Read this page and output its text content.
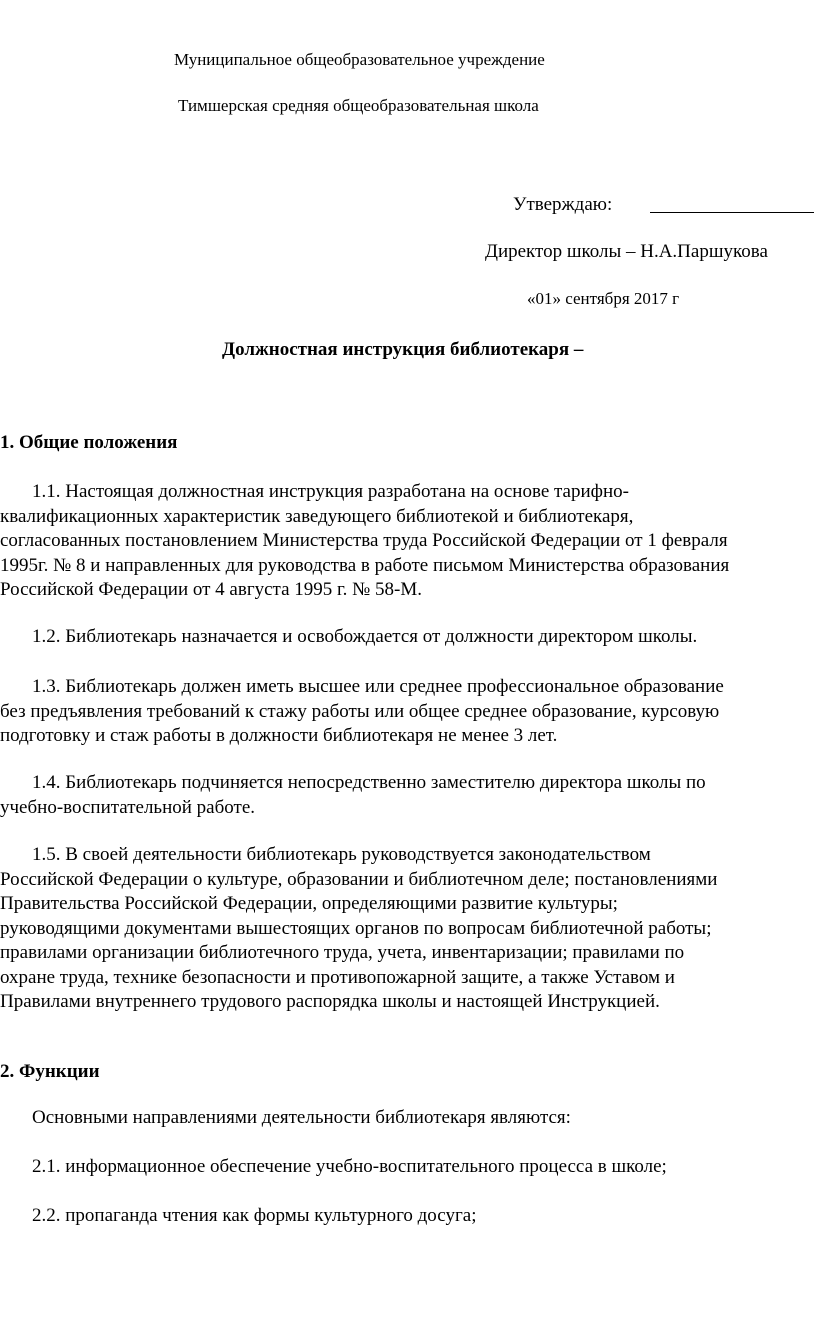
Муниципальное общеобразовательное учреждение
Тимшерская средняя общеобразовательная школа
Утверждаю:
Директор школы – Н.А.Паршукова
«01» сентября 2017 г
Должностная инструкция библиотекаря –
1. Общие положения
1.1. Настоящая должностная инструкция разработана на основе тарифно-
квалификационных характеристик заведующего библиотекой и библиотекаря,
согласованных постановлением Министерства труда Российской Федерации от 1 февраля
1995г. № 8 и направленных для руководства в работе письмом Министерства образования
Российской Федерации от 4 августа 1995 г. № 58-М.
1.2. Библиотекарь назначается и освобождается от должности директором школы.
1.3. Библиотекарь должен иметь высшее или среднее профессиональное образование
без предъявления требований к стажу работы или общее среднее образование, курсовую
подготовку и стаж работы в должности библиотекаря не менее 3 лет.
1.4. Библиотекарь подчиняется непосредственно заместителю директора школы по
учебно-воспитательной работе.
1.5. В своей деятельности библиотекарь руководствуется законодательством
Российской Федерации о культуре, образовании и библиотечном деле; постановлениями
Правительства Российской Федерации, определяющими развитие культуры;
руководящими документами вышестоящих органов по вопросам библиотечной работы;
правилами организации библиотечного труда, учета, инвентаризации; правилами по
охране труда, технике безопасности и противопожарной защите, а также Уставом и
Правилами внутреннего трудового распорядка школы и настоящей Инструкцией.
2. Функции
Основными направлениями деятельности библиотекаря являются:
2.1. информационное обеспечение учебно-воспитательного процесса в школе;
2.2. пропаганда чтения как формы культурного досуга;
